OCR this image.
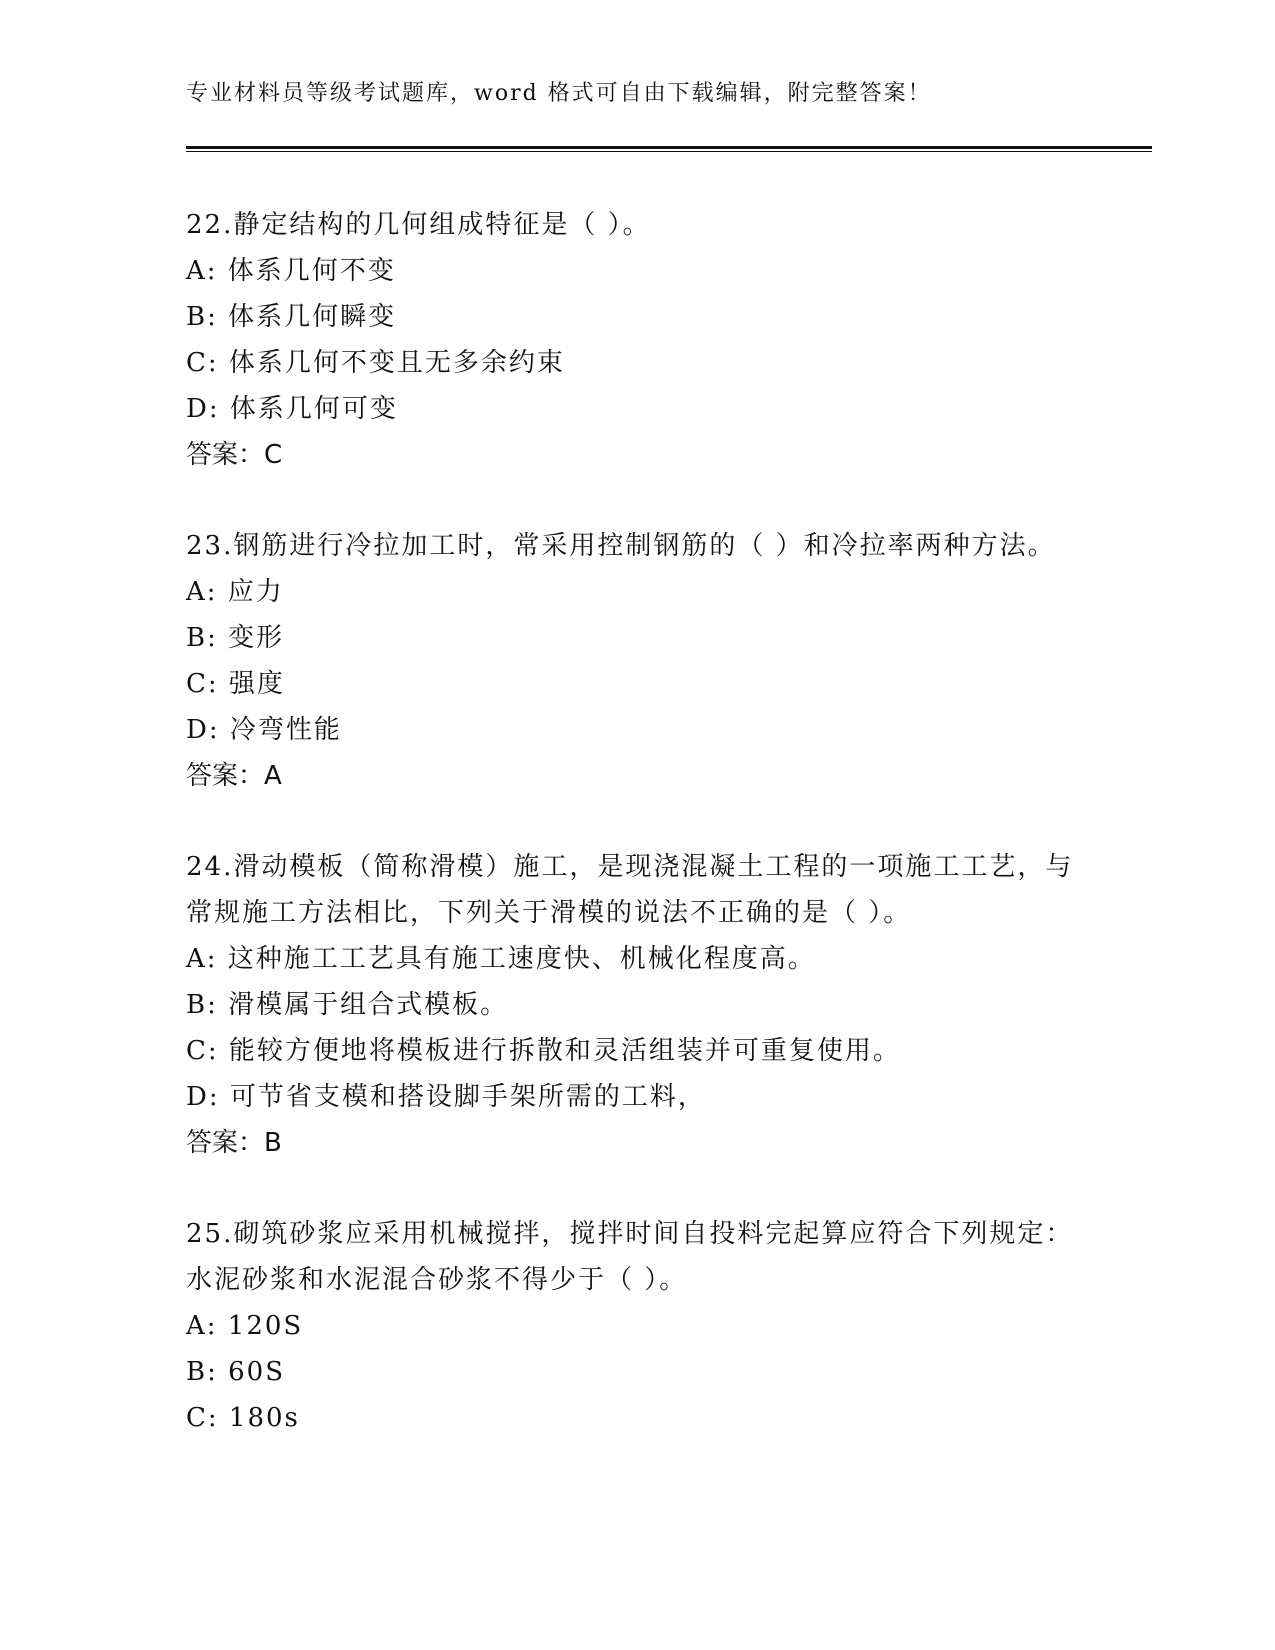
专业材料员等级考试题库，word 格式可自由下载编辑，附完整答案！
22.静定结构的几何组成特征是（ ）。
A: 体系几何不变
B: 体系几何瞬变
C: 体系几何不变且无多余约束
D: 体系几何可变
答案：C
23.钢筋进行冷拉加工时，常采用控制钢筋的（ ）和冷拉率两种方法。
A: 应力
B: 变形
C: 强度
D: 冷弯性能
答案：A
24.滑动模板（简称滑模）施工，是现浇混凝土工程的一项施工工艺，与常规施工方法相比，下列关于滑模的说法不正确的是（ ）。
A: 这种施工工艺具有施工速度快、机械化程度高。
B: 滑模属于组合式模板。
C: 能较方便地将模板进行拆散和灵活组装并可重复使用。
D: 可节省支模和搭设脚手架所需的工料，
答案：B
25.砌筑砂浆应采用机械搅拌，搅拌时间自投料完起算应符合下列规定：水泥砂浆和水泥混合砂浆不得少于（ ）。
A: 120S
B: 60S
C: 180s
